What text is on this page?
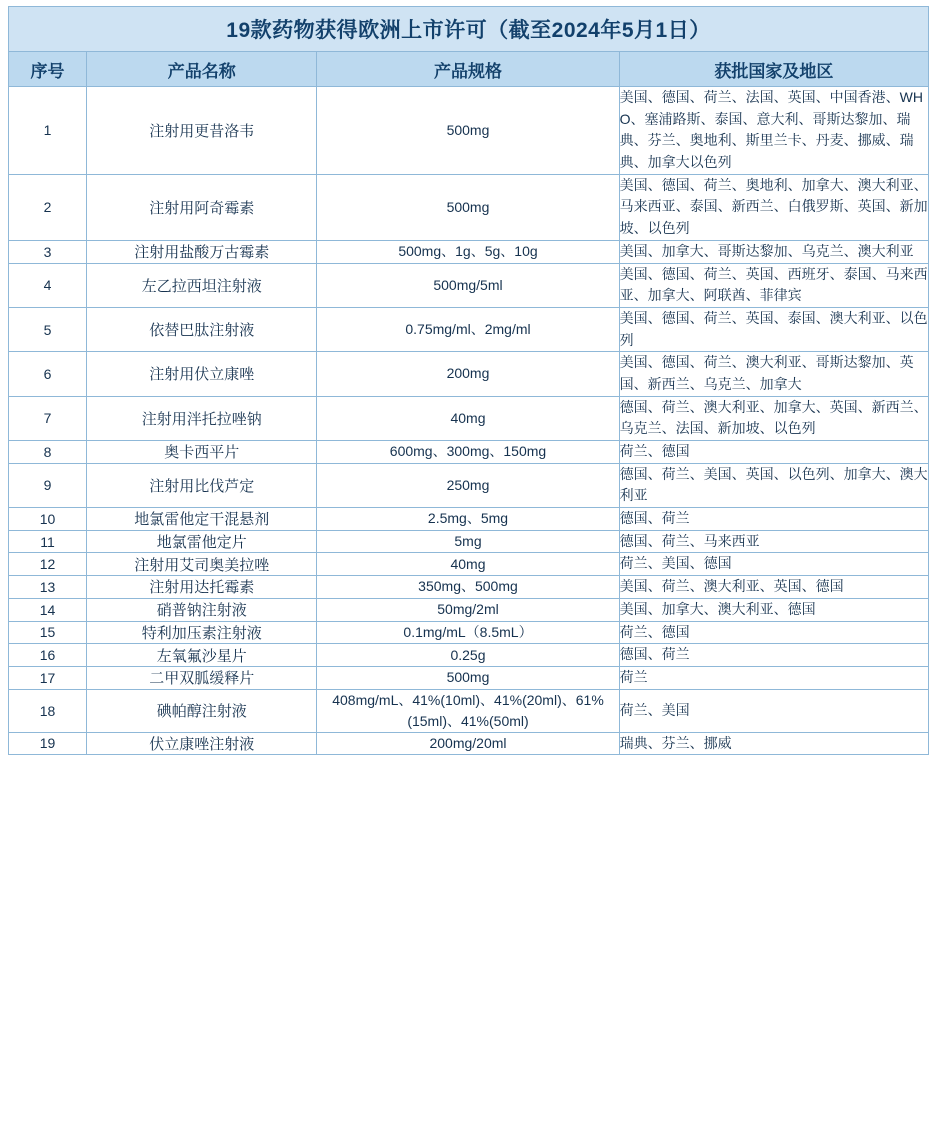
19款药物获得欧洲上市许可（截至2024年5月1日）			
序号	产品名称	产品规格	获批国家及地区
1	注射用更昔洛韦	500mg	美国、德国、荷兰、法国、英国、中国香港、WHO、塞浦路斯、泰国、意大利、哥斯达黎加、瑞典、芬兰、奥地利、斯里兰卡、丹麦、挪威、瑞典、加拿大以色列
2	注射用阿奇霉素	500mg	美国、德国、荷兰、奥地利、加拿大、澳大利亚、马来西亚、泰国、新西兰、白俄罗斯、英国、新加坡、以色列
3	注射用盐酸万古霉素	500mg、1g、5g、10g	美国、加拿大、哥斯达黎加、乌克兰、澳大利亚
4	左乙拉西坦注射液	500mg/5ml	美国、德国、荷兰、英国、西班牙、泰国、马来西亚、加拿大、阿联酋、菲律宾
5	依替巴肽注射液	0.75mg/ml、2mg/ml	美国、德国、荷兰、英国、泰国、澳大利亚、以色列
6	注射用伏立康唑	200mg	美国、德国、荷兰、澳大利亚、哥斯达黎加、英国、新西兰、乌克兰、加拿大
7	注射用泮托拉唑钠	40mg	德国、荷兰、澳大利亚、加拿大、英国、新西兰、乌克兰、法国、新加坡、以色列
8	奥卡西平片	600mg、300mg、150mg	荷兰、德国
9	注射用比伐芦定	250mg	德国、荷兰、美国、英国、以色列、加拿大、澳大利亚
10	地氯雷他定干混悬剂	2.5mg、5mg	德国、荷兰
11	地氯雷他定片	5mg	德国、荷兰、马来西亚
12	注射用艾司奥美拉唑	40mg	荷兰、美国、德国
13	注射用达托霉素	350mg、500mg	美国、荷兰、澳大利亚、英国、德国
14	硝普钠注射液	50mg/2ml	美国、加拿大、澳大利亚、德国
15	特利加压素注射液	0.1mg/mL（8.5mL）	荷兰、德国
16	左氧氟沙星片	0.25g	德国、荷兰
17	二甲双胍缓释片	500mg	荷兰
18	碘帕醇注射液	408mg/mL、41%(10ml)、41%(20ml)、61%(15ml)、41%(50ml)	荷兰、美国
19	伏立康唑注射液	200mg/20ml	瑞典、芬兰、挪威
